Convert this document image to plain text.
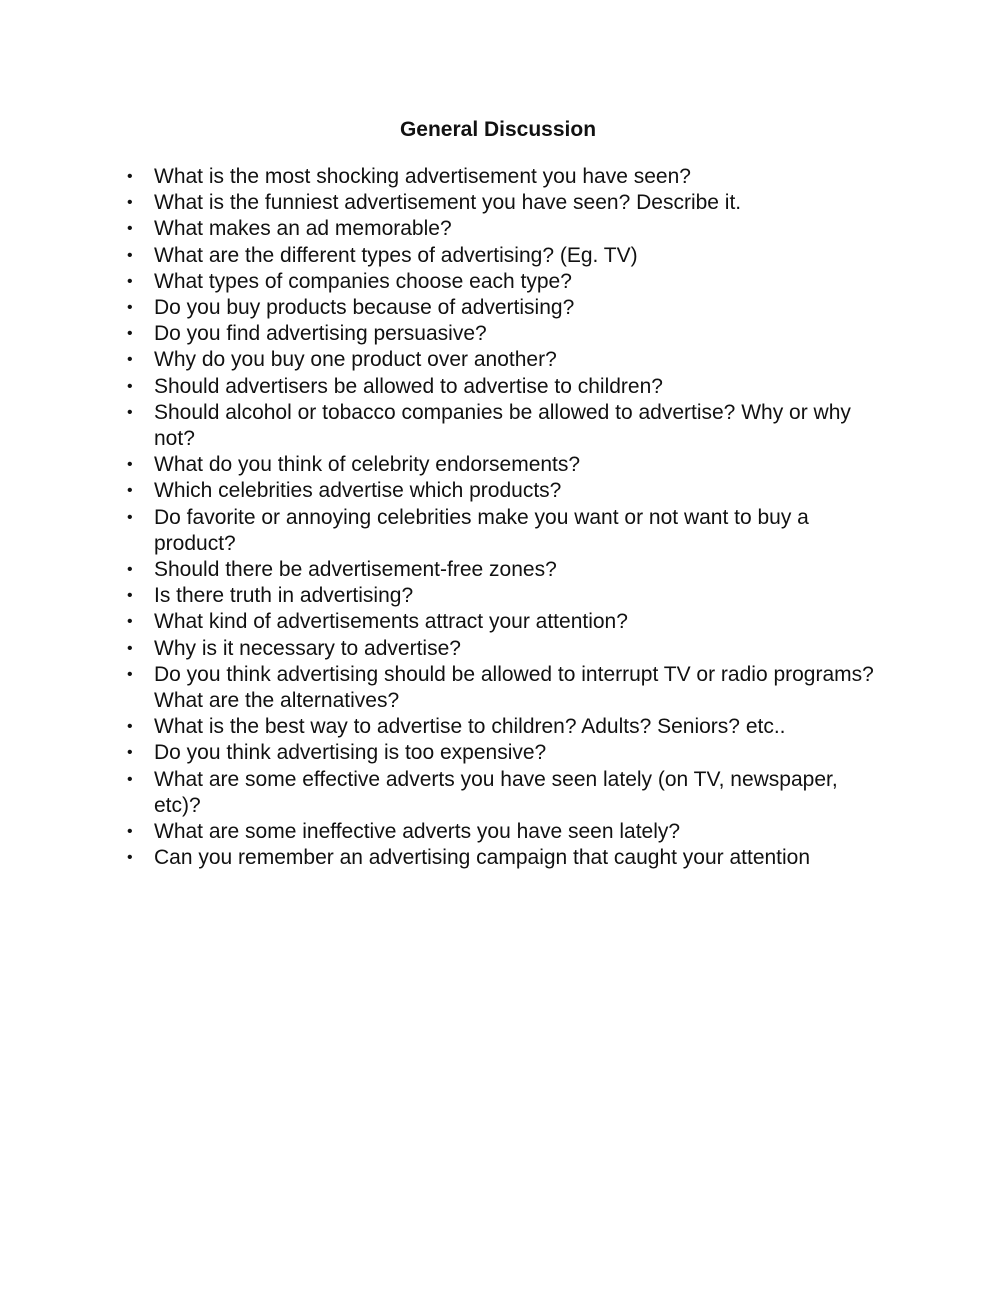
General Discussion
• What is the most shocking advertisement you have seen?
• What is the funniest advertisement you have seen? Describe it.
• What makes an ad memorable?
• What are the different types of advertising? (Eg. TV)
• What types of companies choose each type?
• Do you buy products because of advertising?
• Do you find advertising persuasive?
• Why do you buy one product over another?
• Should advertisers be allowed to advertise to children?
• Should alcohol or tobacco companies be allowed to advertise? Why or why not?
• What do you think of celebrity endorsements?
• Which celebrities advertise which products?
• Do favorite or annoying celebrities make you want or not want to buy a product?
• Should there be advertisement-free zones?
• Is there truth in advertising?
• What kind of advertisements attract your attention?
• Why is it necessary to advertise?
• Do you think advertising should be allowed to interrupt TV or radio programs? What are the alternatives?
• What is the best way to advertise to children? Adults? Seniors? etc..
• Do you think advertising is too expensive?
• What are some effective adverts you have seen lately (on TV, newspaper, etc)?
• What are some ineffective adverts you have seen lately?
• Can you remember an advertising campaign that caught your attention
